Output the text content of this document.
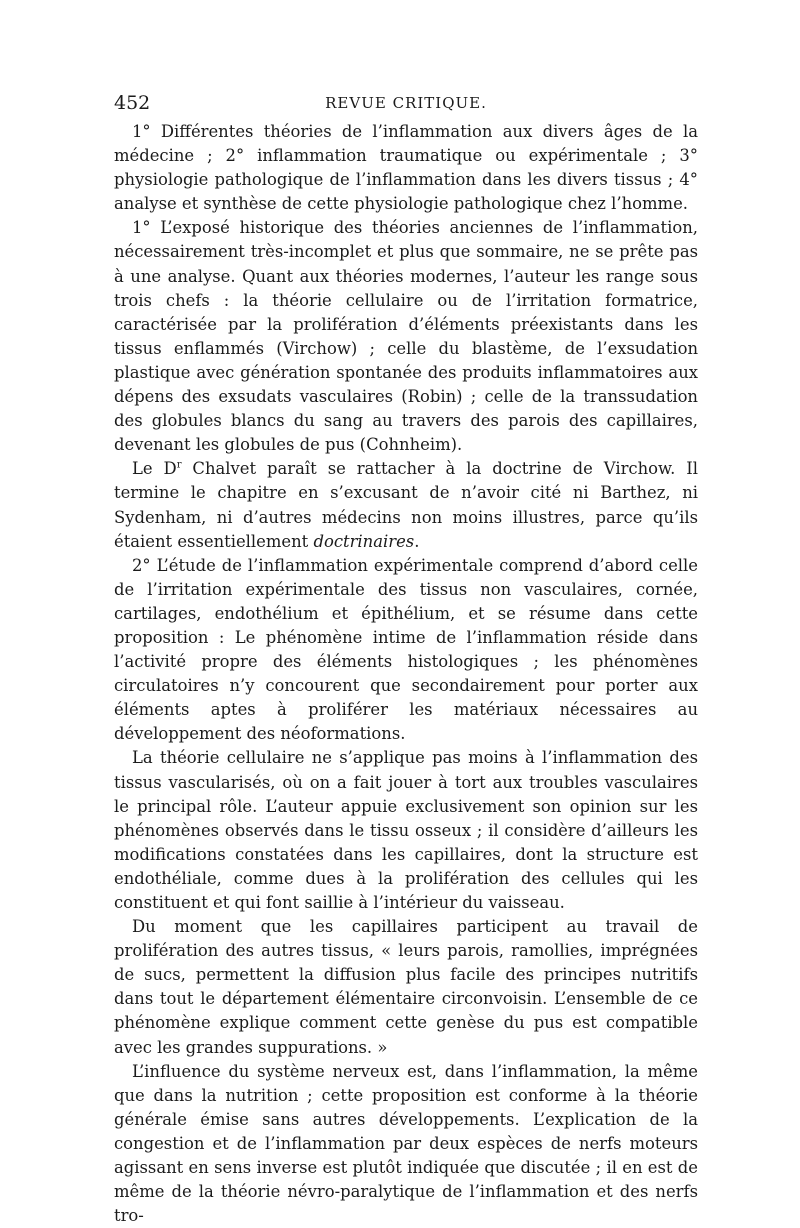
452	REVUE CRITIQUE.

1° Différentes théories de l’inflammation aux divers âges de la médecine ; 2° inflammation traumatique ou expérimentale ; 3° physiologie pathologique de l’inflammation dans les divers tissus ; 4° analyse et synthèse de cette physiologie pathologique chez l’homme.

1° L’exposé historique des théories anciennes de l’inflammation, nécessairement très-incomplet et plus que sommaire, ne se prête pas à une analyse. Quant aux théories modernes, l’auteur les range sous trois chefs : la théorie cellulaire ou de l’irritation formatrice, caractérisée par la prolifération d’éléments préexistants dans les tissus enflammés (Virchow) ; celle du blastème, de l’exsudation plastique avec génération spontanée des produits inflammatoires aux dépens des exsudats vasculaires (Robin) ; celle de la transsudation des globules blancs du sang au travers des parois des capillaires, devenant les globules de pus (Cohnheim).

Le $D^r$ Chalvet paraît se rattacher à la doctrine de Virchow. Il termine le chapitre en s’excusant de n’avoir cité ni Barthez, ni Sydenham, ni d’autres médecins non moins illustres, parce qu’ils étaient essentiellement doctrinaires.

2° L’étude de l’inflammation expérimentale comprend d’abord celle de l’irritation expérimentale des tissus non vasculaires, cornée, cartilages, endothélium et épithélium, et se résume dans cette proposition : Le phénomène intime de l’inflammation réside dans l’activité propre des éléments histologiques ; les phénomènes circulatoires n’y concourent que secondairement pour porter aux éléments aptes à proliférer les matériaux nécessaires au développement des néoformations.

La théorie cellulaire ne s’applique pas moins à l’inflammation des tissus vascularisés, où on a fait jouer à tort aux troubles vasculaires le principal rôle. L’auteur appuie exclusivement son opinion sur les phénomènes observés dans le tissu osseux ; il considère d’ailleurs les modifications constatées dans les capillaires, dont la structure est endothéliale, comme dues à la prolifération des cellules qui les constituent et qui font saillie à l’intérieur du vaisseau.

Du moment que les capillaires participent au travail de prolifération des autres tissus, « leurs parois, ramollies, imprégnées de sucs, permettent la diffusion plus facile des principes nutritifs dans tout le département élémentaire circonvoisin. L’ensemble de ce phénomène explique comment cette genèse du pus est compatible avec les grandes suppurations. »

L’influence du système nerveux est, dans l’inflammation, la même que dans la nutrition ; cette proposition est conforme à la théorie générale émise sans autres développements. L’explication de la congestion et de l’inflammation par deux espèces de nerfs moteurs agissant en sens inverse est plutôt indiquée que discutée ; il en est de même de la théorie névro-paralytique de l’inflammation et des nerfs tro-
